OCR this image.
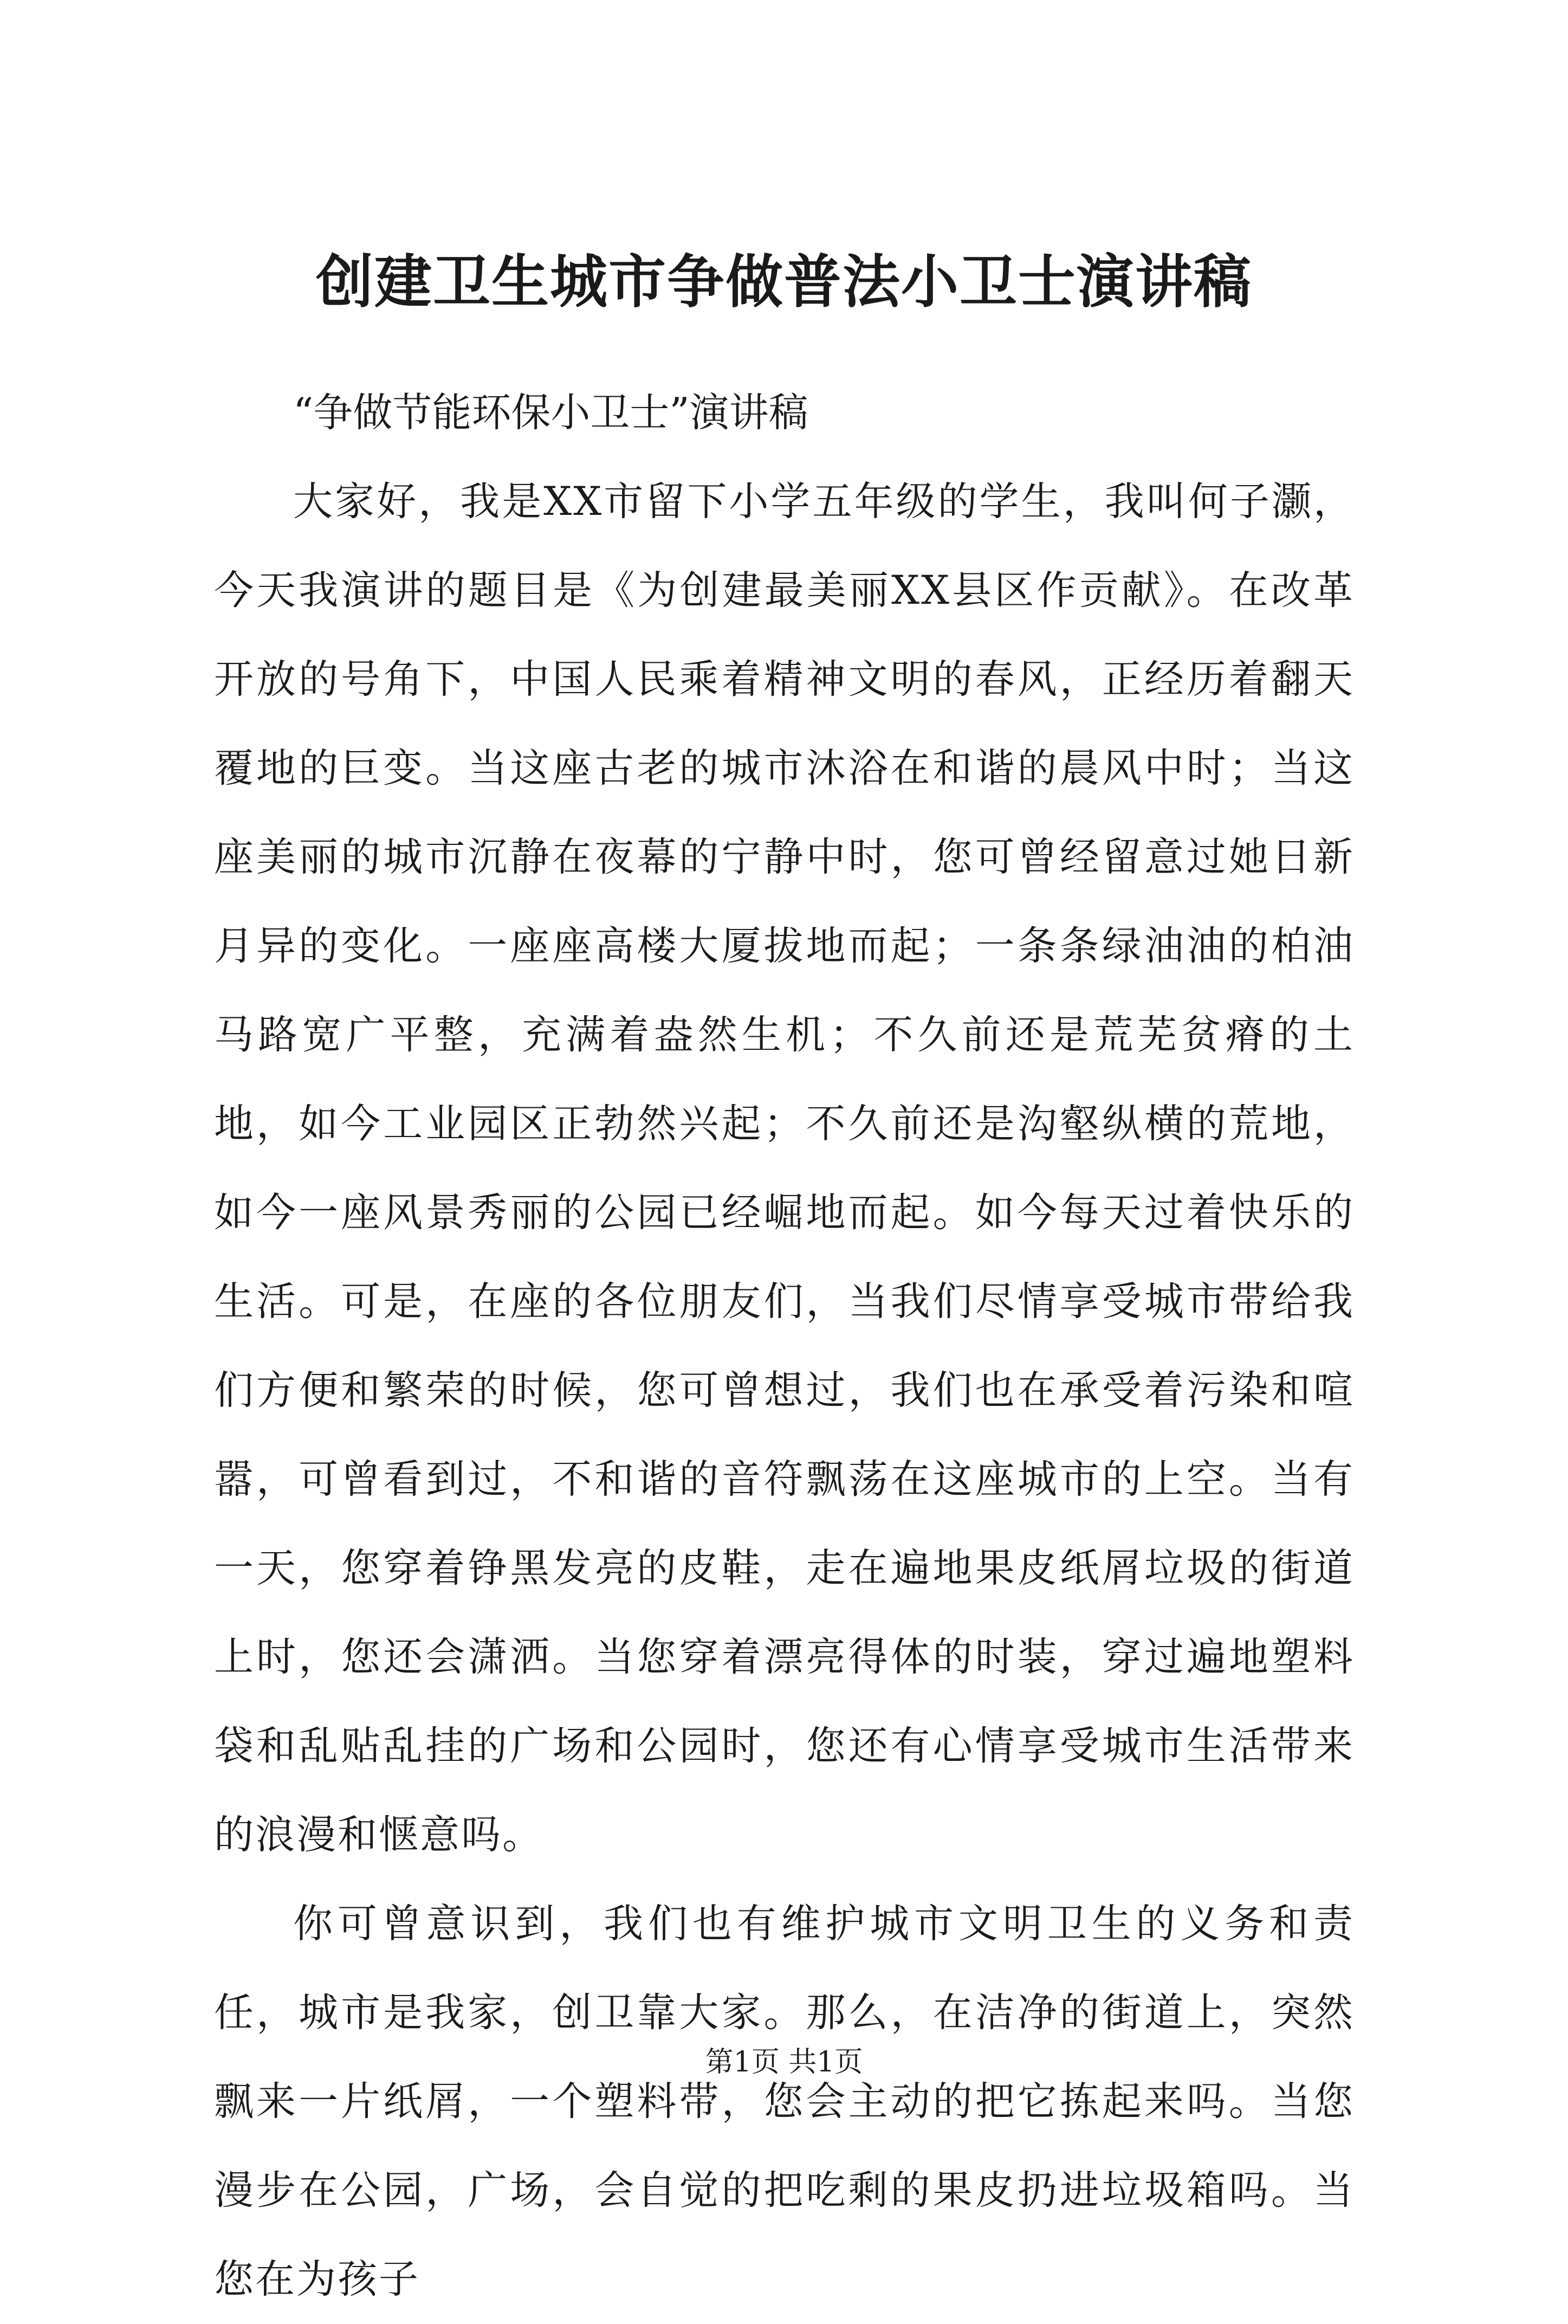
创建卫生城市争做普法小卫士演讲稿

“争做节能环保小卫士”演讲稿

大家好，我是XX市留下小学五年级的学生，我叫何子灏，今天我演讲的题目是《为创建最美丽XX县区作贡献》。在改革开放的号角下，中国人民乘着精神文明的春风，正经历着翻天覆地的巨变。当这座古老的城市沐浴在和谐的晨风中时；当这座美丽的城市沉静在夜幕的宁静中时，您可曾经留意过她日新月异的变化。一座座高楼大厦拔地而起；一条条绿油油的柏油马路宽广平整，充满着盎然生机；不久前还是荒芜贫瘠的土地，如今工业园区正勃然兴起；不久前还是沟壑纵横的荒地，如今一座风景秀丽的公园已经崛地而起。如今每天过着快乐的生活。可是，在座的各位朋友们，当我们尽情享受城市带给我们方便和繁荣的时候，您可曾想过，我们也在承受着污染和喧嚣，可曾看到过，不和谐的音符飘荡在这座城市的上空。当有一天，您穿着铮黑发亮的皮鞋，走在遍地果皮纸屑垃圾的街道上时，您还会潇洒。当您穿着漂亮得体的时装，穿过遍地塑料袋和乱贴乱挂的广场和公园时，您还有心情享受城市生活带来的浪漫和惬意吗。

你可曾意识到，我们也有维护城市文明卫生的义务和责任，城市是我家，创卫靠大家。那么，在洁净的街道上，突然飘来一片纸屑，一个塑料带，您会主动的把它拣起来吗。当您漫步在公园，广场，会自觉的把吃剩的果皮扔进垃圾箱吗。当您在为孩子

第1页 共1页
